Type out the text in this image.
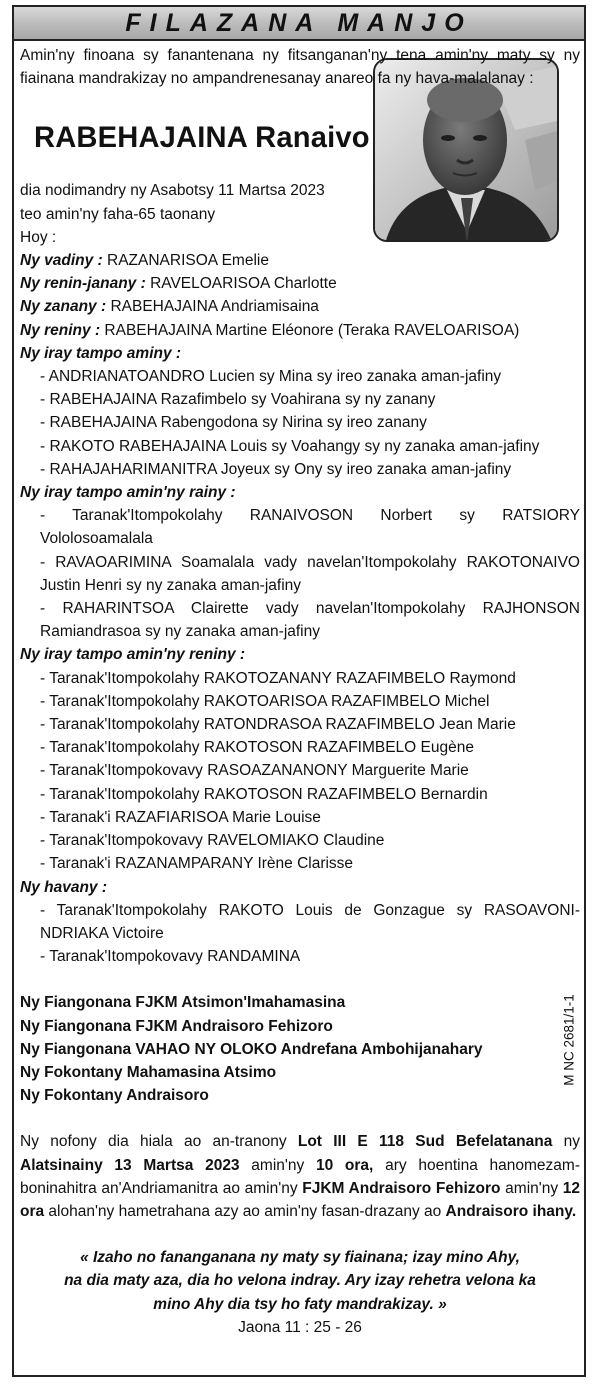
FILAZANA MANJO
M NC 2681/1-1

Amin'ny finoana sy fanantenana ny fitsanganan'ny tena amin'ny maty sy ny fiainana mandrakizay no ampandrenesanay anareo fa ny hava-malalanay :

RABEHAJAINA Ranaivo

dia nodimandry ny Asabotsy 11 Martsa 2023

teo amin'ny faha-65 taonany

Hoy :

Ny vadiny : RAZANARISOA Emelie

Ny renin-janany : RAVELOARISOA Charlotte

Ny zanany : RABEHAJAINA Andriamisaina

Ny reniny : RABEHAJAINA Martine Eléonore (Teraka RAVELOARISOA)

Ny iray tampo aminy :

- ANDRIANATOANDRO Lucien sy Mina sy ireo zanaka aman-jafiny

- RABEHAJAINA Razafimbelo sy Voahirana sy ny zanany

- RABEHAJAINA Rabengodona sy Nirina sy ireo zanany

- RAKOTO RABEHAJAINA Louis sy Voahangy sy ny zanaka aman-jafiny

- RAHAJAHARIMANITRA Joyeux sy Ony sy ireo zanaka aman-jafiny

Ny iray tampo amin'ny rainy :

- Taranak'Itompokolahy RANAIVOSON Norbert sy RATSIORY
Vololosoamalala

- RAVAOARIMINA Soamalala vady navelan'Itompokolahy RAKOTONAIVO
Justin Henri sy ny zanaka aman-jafiny

- RAHARINTSOA Clairette vady navelan'Itompokolahy RAJHONSON
Ramiandrasoa sy ny zanaka aman-jafiny

Ny iray tampo amin'ny reniny :

- Taranak'Itompokolahy RAKOTOZANANY RAZAFIMBELO Raymond

- Taranak'Itompokolahy RAKOTOARISOA RAZAFIMBELO Michel

- Taranak'Itompokolahy RATONDRASOA RAZAFIMBELO Jean Marie

- Taranak'Itompokolahy RAKOTOSON RAZAFIMBELO Eugène

- Taranak'Itompokovavy RASOAZANANONY Marguerite Marie

- Taranak'Itompokolahy RAKOTOSON RAZAFIMBELO Bernardin

- Taranak'i RAZAFIARISOA Marie Louise

- Taranak'Itompokovavy RAVELOMIAKO Claudine

- Taranak'i RAZANAMPARANY Irène Clarisse

Ny havany :

- Taranak'Itompokolahy RAKOTO Louis de Gonzague sy RASOAVONI-
NDRIAKA Victoire

- Taranak'Itompokovavy RANDAMINA

Ny Fiangonana FJKM Atsimon'Imahamasina

Ny Fiangonana FJKM Andraisoro Fehizoro

Ny Fiangonana VAHAO NY OLOKO Andrefana Ambohijanahary

Ny Fokontany Mahamasina Atsimo

Ny Fokontany Andraisoro

Ny nofony dia hiala ao an-tranony Lot III E 118 Sud Befelatanana ny Alatsinainy 13 Martsa 2023 amin'ny 10 ora, ary hoentina hanomezam-boninahitra an'Andriamanitra ao amin'ny FJKM Andraisoro Fehizoro amin'ny 12 ora alohan'ny hametrahana azy ao amin'ny fasan-drazany ao Andraisoro ihany.

« Izaho no fananganana ny maty sy fiainana; izay mino Ahy,

na dia maty aza, dia ho velona indray. Ary izay rehetra velona ka

mino Ahy dia tsy ho faty mandrakizay. »

Jaona 11 : 25 - 26
